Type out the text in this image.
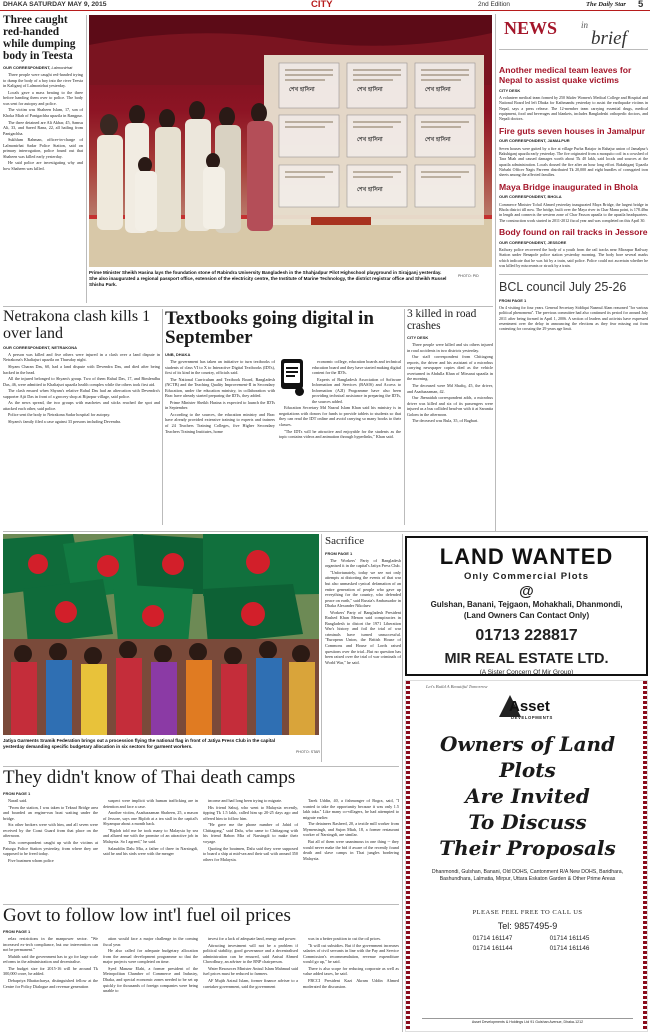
DHAKA SATURDAY MAY 9, 2015	CITY	2nd Edition	The Daily Star 5
Three caught red-handed while dumping body in Teesta
OUR CORRESPONDENT, Lalmonirhat

Three people were caught red-handed trying to dump the body of a boy into the river Teesta in Kaliganj of Lalmonirhat yesterday.

Locals gave a mass beating to the three before handing them over to police. The body was sent for autopsy and police.

The victim was Shaheen Islam, 17, son of Khoka Miah of Panigachha upazila in Rangpur.

The three detained are Ali Akbar, 45, Samsu Ali, 33, and Saeed Rana, 22, all hailing from Panigachha.

Sukhlum Rahman, officer-in-charge of Lalmonirhat Sadar Police Station, said on primary interrogation, police found out that Shaheen was killed early yesterday.

He said police are investigating why and how Shaheen was killed.

শেখ হাসিনা	শেখ হাসিনা	শেখ হাসিনা
শেখ হাসিনা	শেখ হাসিনা
শেখ হাসিনা
Prime Minister Sheikh Hasina lays the foundation stone of Rabindra University Bangladesh in the Shahjadpur Pilot Highschool playground in Sirajganj yesterday. She also inaugurated a regional passport office, extension of the electricity centre, the Institute of Marine Technology, the district registrar office and Sheikh Russel Shishu Park.
PHOTO: PID
NEWS	in
brief
Another medical team leaves for Nepal to assist quake victims
CITY DESK
A volunteer medical team formed by 250 Sikder Women's Medical College and Hospital and National Board led left Dhaka for Kathmandu yesterday to assist the earthquake victims in Nepal, says a press release. The 12-member team carrying essential drugs, medical equipment, food and beverages and blankets, includes Bangladeshi orthopedic doctors, and Nepali doctors.
Fire guts seven houses in Jamalpur
OUR CORRESPONDENT, JAMALPUR
Seven houses were gutted by a fire at village Purba Batajor in Rahajur union of Jamalpur's Bakshiganj upazila early yesterday. The fire originated from a mosquito coil in a cowshed of Tara Miah and caused damages worth about Tk 40 lakh, said locals and sources at the upazila administration. Locals doused the fire after an hour long effort. Bakshiganj Upazila Nirbahi Officer Nagis Parveen distributed Tk 20,000 and eight bundles of corrugated iron sheets among the affected families.
Maya Bridge inaugurated in Bhola
OUR CORRESPONDENT, BHOLA
Commerce Minister Tofail Ahmed yesterday inaugurated Maya Bridge, the largest bridge in Bhola district till now. The bridge, built over the Maya river in Char Manu point, is 178.40m in length and connects the western zone of Char Fasson upazila to the upazila headquarters. The construction work started in 2011-2012 fiscal year and was completed on this April 30.
Body found on rail tracks in Jessore
OUR CORRESPONDENT, JESSORE
Railway police recovered the body of a youth from the rail tracks near Mirzapur Railway Station under Benapole police station yesterday morning. The body bore several marks which indicate that he was hit by a train, said police. Police could not ascertain whether he was killed by miscreants or struck by a train.
BCL council July 25-26
FROM PAGE 1
On 4 visiting for four years. General Secretary Siddiqui Nazmul Alam reasoned "for various political phenomena". The previous committee had also continued its period for around July 2011 after being formed in April 1, 2006. A section of leaders and activists have expressed resentment over the delay in announcing the elections as they fear missing out from contesting for crossing the 29 years age limit.
Netrakona clash kills 1 over land
OUR CORRESPONDENT, NETRAKONA

A person was killed and five others were injured in a clash over a land dispute in Netrakona's Khaliajuri upazila on Thursday night.

Shyam Charan Das, 60, had a land dispute with Devendra Das, and died after being hacked in the head.

All the injured belonged to Shyam's group. Two of them Rahul Das, 17, and Bimlendhu Das, 46, were admitted to Khaliajuri upazila health complex while the others took first aid.

The clash ensued when Shyam's relative Rahul Das had an altercation with Devendra's supporter Ajit Das in front of a grocery shop at Bijarpur village, said police.

As the news spread, the two groups with machetes and sticks reached the spot and attacked each other, said police.

Police sent the body to Netrakona Sadar hospital for autopsy.

Shyam's family filed a case against 33 persons including Devendra.

Textbooks going digital in September
UNB, DHAKA

The government has taken an initiative to turn textbooks of students of class VI to X to Interactive Digital Textbooks (IDTs), first of its kind in the country, officials said.

The National Curriculum and Textbook Board, Bangladesh (NCTB) and the Teaching Quality Improvement-II in Secondary Education, under the education ministry, in collaboration with Brac have already started preparing the IDTs, they added.

Prime Minister Sheikh Hasina is expected to launch the IDTs in September.

According to the sources, the education ministry and Brac have already provided extensive training to experts and trainers of 24 Teachers Training Colleges, five Higher Secondary Teachers Training Institutes, home

economic college, education boards and technical education board and they have started making digital content for the IDTs.

Experts of Bangladesh Association of Software Information and Services (BASIS) and Access to Information (A2I) Programme have also been providing technical assistance in preparing the IDTs, the sources added.

Education Secretary Md Nazrul Islam Khan said his ministry is in negotiations with donors for funds to provide tablets to students so that they can read the IDT online and avoid carrying so many books to their classes.

"The IDTs will be attractive and enjoyable for the students as the topic contains videos and animation through hyperlinks," Khan said.

3 killed in road crashes
CITY DESK

Three people were killed and six others injured in road accidents in two districts yesterday.

Our staff correspondent from Chittagong reports, the driver and his assistant of a microbus carrying newspaper copies died as the vehicle overturned in Abdulla Khan of Mirsarai upazila in the morning.

The deceased were Md Shafiq, 45, the driver, and Asaduzzaman, 42.

Our Jhenaidah correspondent adds, a microbus driver was killed and six of its passengers were injured as a bus collided head-on with it at Sarantia Golom in the afternoon.

The deceased was Bula, 35, of Bagbari.

Jatiya Garments Sramik Federation brings out a procession flying the national flag in front of Jatiya Press Club in the capital yesterday demanding specific budgetary allocation in six sectors for garment workers.
PHOTO: STAR
Sacrifice
FROM PAGE 1

The Workers' Party of Bangladesh organised it in the capital's Jatiya Press Club.

"Unfortunately, today we see not only attempts at distorting the events of that war but also unmasked cynical defamation of an entire generation of people who gave up everything for the country, who defended peace on earth," said Russia's Ambassador in Dhaka Alexander Nikolaev.

Workers' Party of Bangladesh President Rashed Khan Menon said conspiracies in Bangladesh to distort the 1971 Liberation War's history and foil the trial of war criminals have turned unsuccessful. "European Union, the British House of Commons and House of Lords raised questions over the trial...But no question has been raised over the trial of war criminals of World War," he said.

LAND WANTED
Only Commercial Plots
@
Gulshan, Banani, Tejgaon, Mohakhali, Dhanmondi,
(Land Owners Can Contact Only)
01713 228817
MIR REAL ESTATE LTD.
(A Sister Concern Of Mir Group)
Let's Build A Beautiful Tomorrow
Asset
DEVELOPMENTS
Owners of Land Plots
Are Invited
To Discuss
Their Proposals
Dhanmondi, Gulshan, Banani, Old DOHS, Cantonment R/A New DOHS, Baridhara, Bashundhara, Lalmatia, Mirpur, Uttara Eskaton Garden & Other Prime Areas
PLEASE FEEL FREE TO CALL US
Tel: 9857495-9
01714 161147	01714 161145
01714 161144	01714 161146
Asset Developments & Holdings Ltd 91 Gulshan Avenue, Dhaka-1212
They didn't know of Thai death camps
FROM PAGE 1

Narail said.

"From the station, I was taken to Teknaf Bridge area and boarded an engine-run boat waiting under the bridge.

Six other brokers were with him, and all seven were received by the Coast Guard from that place on the afternoon.

This correspondent caught up with the victims at Paturga Police Station yesterday, from where they are supposed to be freed today.

Five boatmen whom police

suspect were implicit with human trafficking are in detention and face a case.

Another victim, Asaduzzaman Shaheen, 25, a mason of Jessore, says one Biplob at a tea stall in the capital's Shyampur about a month back.

"Biplob told me he took many to Malaysia by sea and allured me with the promise of an attractive job in Malaysia. So I agreed," he said.

Salauddin Dalu Mia, a father of three in Narsingdi, said he and his sirds were with the meager

income and had long been trying to migrate.

His friend Sabuj, who went to Malaysia recently, tipping Tk 1.5 lakh, called him up 20-25 days ago and offered him to follow him.

"He gave me the phone number of Jahid of Chittagong," said Dalu, who came to Chittagong with his friend Babon Mia of Narsingdi to make their voyage.

Quoting the boatmen, Dalu said they were supposed to board a ship at mid-sea and their sail with around 350 others for Malaysia.

Tarek Uddin, 40, a fishmonger of Bogra, said, "I wanted to take the opportunity because it was only 1.5 lakh taka." Like many co-villagers, he had attempted to migrate earlier.

The detainees Rasheed, 20, a textile mill worker from Mymensingh, and Sujon Miah, 18, a former restaurant worker of Narsingdi, are similar.

But all of them were unanimous in one thing -- they would never make the bid if aware of the recently found death and slave camps in Thai jungles bordering Malaysia.

Govt to follow low int'l fuel oil prices
FROM PAGE 1

relax restrictions in the manpower sector. "We increased ex-tech compliance, but our intervention can not be permanent."

Muhith said the government has to go for large scale reforms in the administration and decentralise.

The budget size for 2015-16 will be around Tk 300,000 crore, he added.

Debapriya Bhattacharya, distinguished fellow at the Centre for Policy Dialogue and revenue generation

ation would face a major challenge in the coming fiscal year.

He also called for adequate budgetary allocation from the annual development programme so that the major projects were completed on time.

Syed Manzur Elahi, a former president of the Metropolitan Chamber of Commerce and Industry, Dhaka, and special economic zones needed to be set up quickly for thousands of foreign companies were being unable to

invest for a lack of adequate land, energy and power.

Attracting investment will not be a problem if political stability, good governance and a decentralised administration can be ensured, said Anisul Ahmed Chowdhury, an adviser to the BNP chairperson.

Water Resources Minister Anisul Islam Mahmud said fuel prices must be reduced to farmers.

AF Mujib Azizul Islam, former finance adviser to a caretaker government, said the government

was in a better position to cut the oil prices.

"It will cut subsidies. But if the government increases salaries of civil servants in line with the Pay and Service Commission's recommendation, revenue expenditure would go up," he said.

There is also scope for reducing corporate as well as value added taxes, he said.

FBCCI President Kazi Akram Uddin Ahmed moderated the discussion.
